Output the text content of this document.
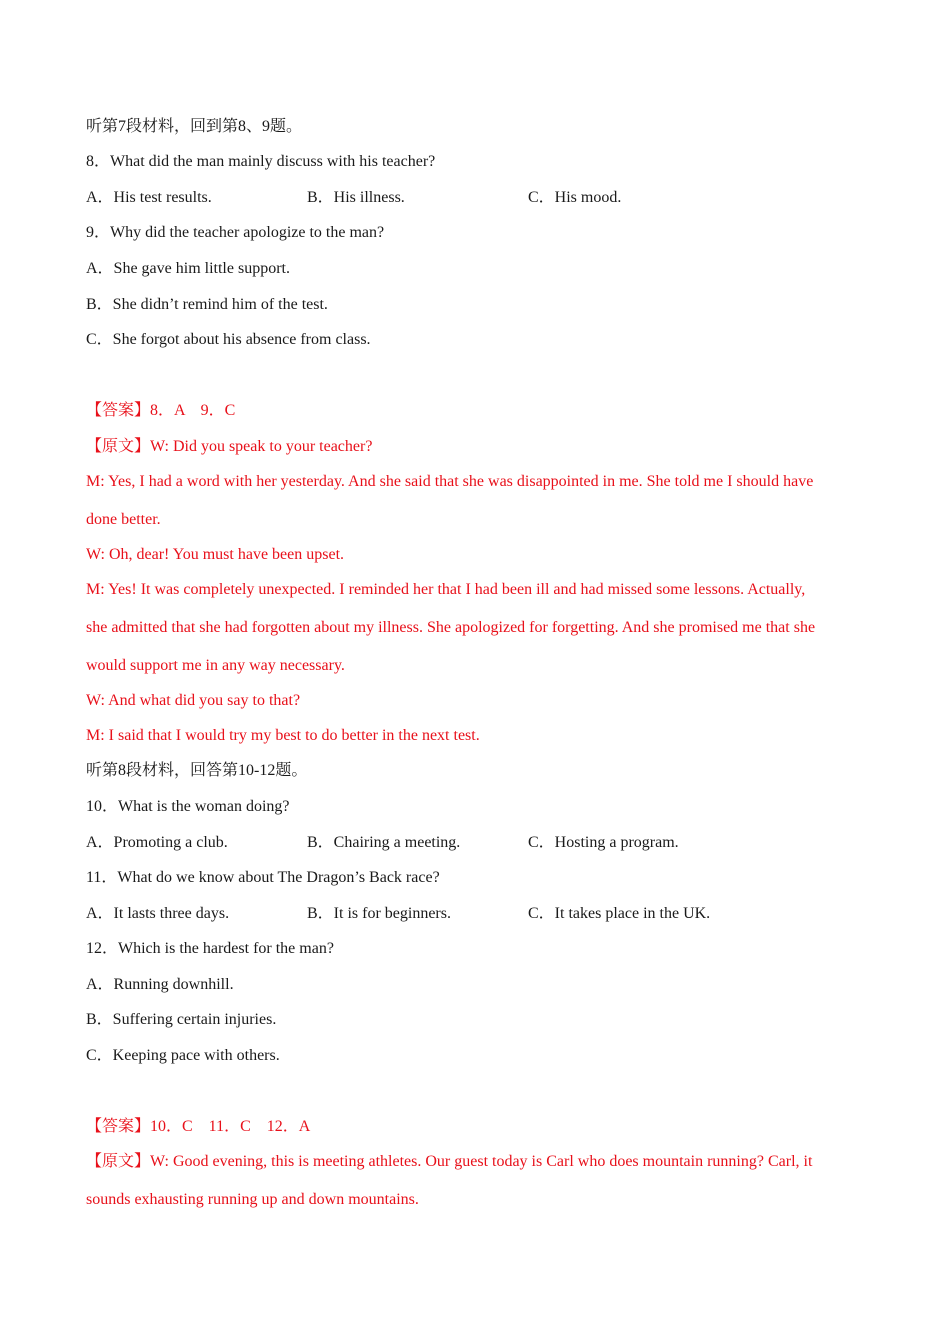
听第7段材料，回到第8、9题。
8．What did the man mainly discuss with his teacher?
A．His test results.	B．His illness.	C．His mood.
9．Why did the teacher apologize to the man?
A．She gave him little support.
B．She didn’t remind him of the test.
C．She forgot about his absence from class.
【答案】8．A　9．C
【原文】W: Did you speak to your teacher?
M: Yes, I had a word with her yesterday. And she said that she was disappointed in me. She told me I should have
done better.
W: Oh, dear! You must have been upset.
M: Yes! It was completely unexpected. I reminded her that I had been ill and had missed some lessons. Actually,
she admitted that she had forgotten about my illness. She apologized for forgetting. And she promised me that she
would support me in any way necessary.
W: And what did you say to that?
M: I said that I would try my best to do better in the next test.
听第8段材料，回答第10-12题。
10．What is the woman doing?
A．Promoting a club.	B．Chairing a meeting.	C．Hosting a program.
11．What do we know about The Dragon’s Back race?
A．It lasts three days.	B．It is for beginners.	C．It takes place in the UK.
12．Which is the hardest for the man?
A．Running downhill.
B．Suffering certain injuries.
C．Keeping pace with others.
【答案】10．C　11．C　12．A
【原文】W: Good evening, this is meeting athletes. Our guest today is Carl who does mountain running? Carl, it
sounds exhausting running up and down mountains.
